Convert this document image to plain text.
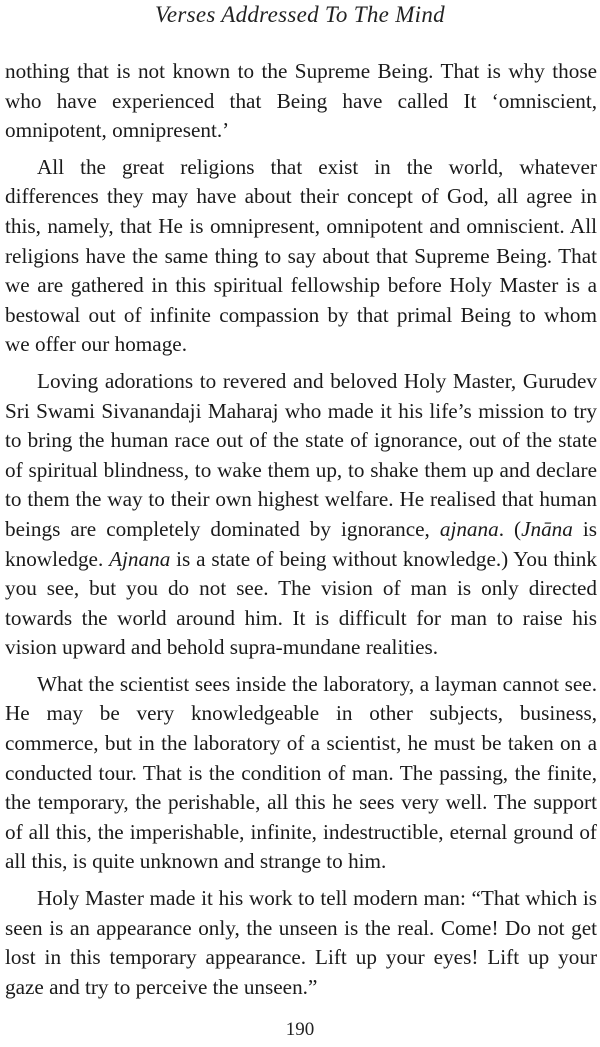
Verses Addressed To The Mind

nothing that is not known to the Supreme Being. That is why those who have experienced that Being have called It ‘omniscient, omnipotent, omnipresent.’

All the great religions that exist in the world, whatever differences they may have about their concept of God, all agree in this, namely, that He is omnipresent, omnipotent and omniscient. All religions have the same thing to say about that Supreme Being. That we are gathered in this spiritual fellowship before Holy Master is a bestowal out of infinite compassion by that primal Being to whom we offer our homage.

Loving adorations to revered and beloved Holy Master, Gurudev Sri Swami Sivanandaji Maharaj who made it his life’s mission to try to bring the human race out of the state of ignorance, out of the state of spiritual blindness, to wake them up, to shake them up and declare to them the way to their own highest welfare. He realised that human beings are completely dominated by ignorance, ajnana. (Jnāna is knowledge. Ajnana is a state of being without knowledge.) You think you see, but you do not see. The vision of man is only directed towards the world around him. It is difficult for man to raise his vision upward and behold supra-mundane realities.

What the scientist sees inside the laboratory, a layman cannot see. He may be very knowledgeable in other subjects, business, commerce, but in the laboratory of a scientist, he must be taken on a conducted tour. That is the condition of man. The passing, the finite, the temporary, the perishable, all this he sees very well. The support of all this, the imperishable, infinite, indestructible, eternal ground of all this, is quite unknown and strange to him.

Holy Master made it his work to tell modern man: “That which is seen is an appearance only, the unseen is the real. Come! Do not get lost in this temporary appearance. Lift up your eyes! Lift up your gaze and try to perceive the unseen.”

190
